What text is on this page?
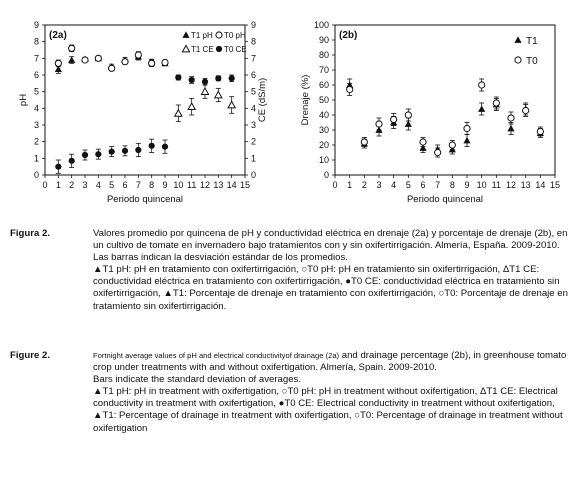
0 1 2 3 4 5 6 7 8 9 10 11 12 13 14 15
0
1
2
3
4
5
6
7
8
9
0
1
2
3
4
5
6
7
8
9
Periodo quincenal
pH	CE (dS/m)
(2a)	T1 pH T0 pH
T1 CE T0 CE
0 1 2 3 4 5 6 7 8 9 10 11 12 13 14 15
0
10
20
30
40
50
60
70
80
90
100
Periodo quincenal
Drenaje (%)
(2b)
T1
T0
Figura 2.	Valores promedio por quincena de pH y conductividad eléctrica en drenaje (2a) y porcentaje de drenaje (2b), en un cultivo de tomate en invernadero bajo tratamientos con y sin oxifertirrigación. Almería, España. 2009-2010.

Las barras indican la desviación estándar de los promedios.

▲T1 pH: pH en tratamiento con oxifertirrigación, ○T0 pH: pH en tratamiento sin oxifertirrigación, ΔT1 CE: conductividad eléctrica en tratamiento con oxifertirrigación, ●T0 CE: conductividad eléctrica en tratamiento sin oxifertirrigación, ▲T1: Porcentaje de drenaje en tratamiento con oxifertirrigación, ○T0: Porcentaje de drenaje en tratamiento sin oxifertirrigación.

Figure 2.	Fortnight average values of pH and electrical conductivityof drainage (2a) and drainage percentage (2b), in greenhouse tomato crop under treatments with and without oxifertigation. Almería, Spain. 2009-2010.

Bars indicate the standard deviation of averages.

▲T1 pH: pH in treatment with oxifertigation, ○T0 pH: pH in treatment without oxifertigation, ΔT1 CE: Electrical conductivity in treatment with oxifertigation, ●T0 CE: Electrical conductivity in treatment without oxifertigation, ▲T1: Percentage of drainage in treatment with oxifertigation, ○T0: Percentage of drainage in treatment without oxifertigation
